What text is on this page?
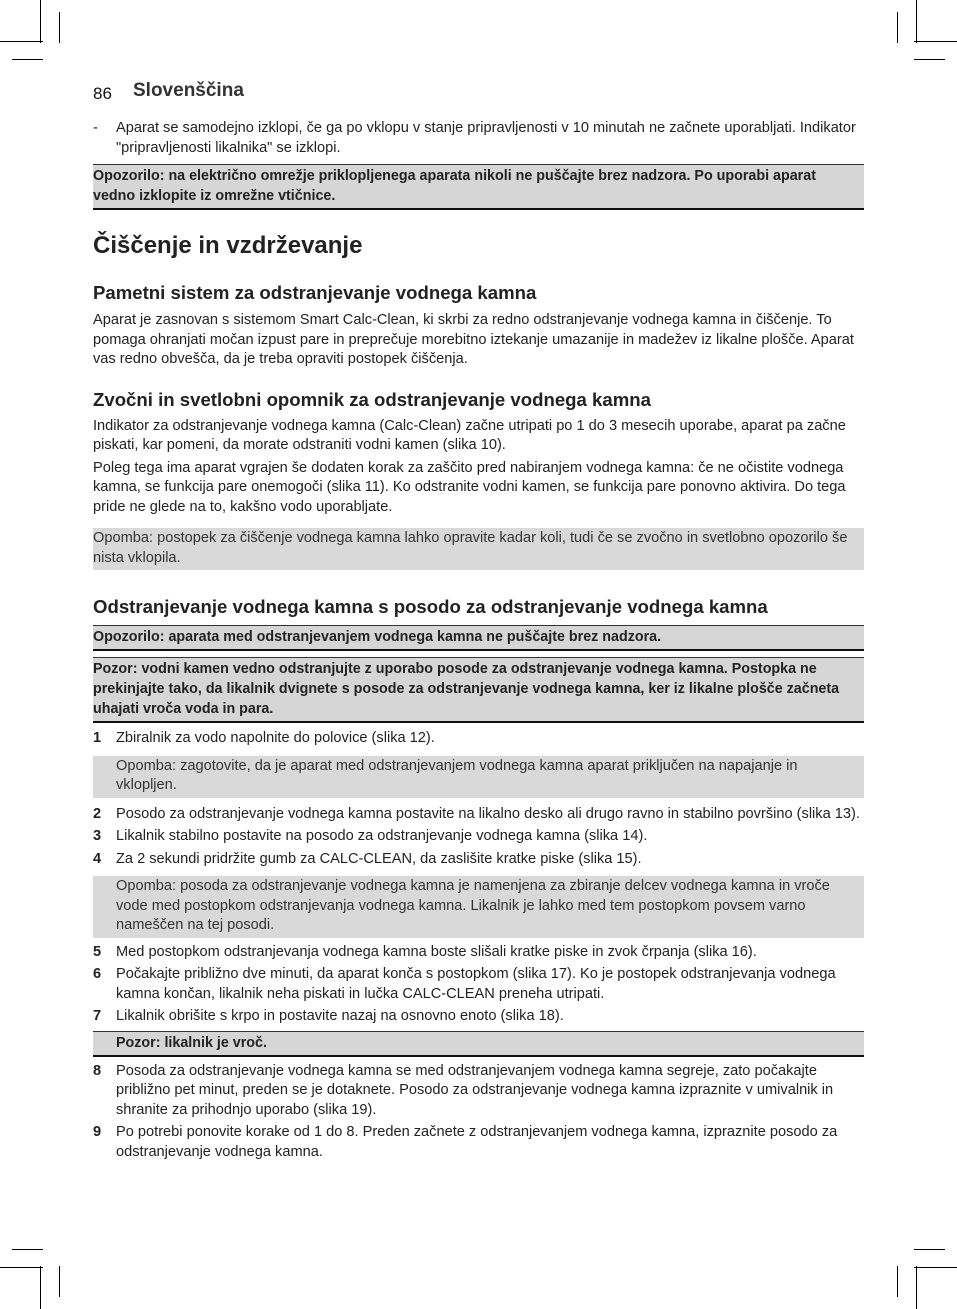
86 Slovenščina

- Aparat se samodejno izklopi, če ga po vklopu v stanje pripravljenosti v 10 minutah ne začnete uporabljati. Indikator "pripravljenosti likalnika" se izklopi.

Opozorilo: na električno omrežje priklopljenega aparata nikoli ne puščajte brez nadzora. Po uporabi aparat vedno izklopite iz omrežne vtičnice.
Čiščenje in vzdrževanje
Pametni sistem za odstranjevanje vodnega kamna

Aparat je zasnovan s sistemom Smart Calc-Clean, ki skrbi za redno odstranjevanje vodnega kamna in čiščenje. To pomaga ohranjati močan izpust pare in preprečuje morebitno iztekanje umazanije in madežev iz likalne plošče. Aparat vas redno obvešča, da je treba opraviti postopek čiščenja.

Zvočni in svetlobni opomnik za odstranjevanje vodnega kamna

Indikator za odstranjevanje vodnega kamna (Calc-Clean) začne utripati po 1 do 3 mesecih uporabe, aparat pa začne piskati, kar pomeni, da morate odstraniti vodni kamen (slika 10).

Poleg tega ima aparat vgrajen še dodaten korak za zaščito pred nabiranjem vodnega kamna: če ne očistite vodnega kamna, se funkcija pare onemogoči (slika 11). Ko odstranite vodni kamen, se funkcija pare ponovno aktivira. Do tega pride ne glede na to, kakšno vodo uporabljate.

Opomba: postopek za čiščenje vodnega kamna lahko opravite kadar koli, tudi če se zvočno in svetlobno opozorilo še nista vklopila.
Odstranjevanje vodnega kamna s posodo za odstranjevanje vodnega kamna
Opozorilo: aparata med odstranjevanjem vodnega kamna ne puščajte brez nadzora.
Pozor: vodni kamen vedno odstranjujte z uporabo posode za odstranjevanje vodnega kamna. Postopka ne prekinjajte tako, da likalnik dvignete s posode za odstranjevanje vodnega kamna, ker iz likalne plošče začneta uhajati vroča voda in para.

1 Zbiralnik za vodo napolnite do polovice (slika 12).

Opomba: zagotovite, da je aparat med odstranjevanjem vodnega kamna aparat priključen na napajanje in vklopljen.

2 Posodo za odstranjevanje vodnega kamna postavite na likalno desko ali drugo ravno in stabilno površino (slika 13).

3 Likalnik stabilno postavite na posodo za odstranjevanje vodnega kamna (slika 14).

4 Za 2 sekundi pridržite gumb za CALC-CLEAN, da zaslišite kratke piske (slika 15).

Opomba: posoda za odstranjevanje vodnega kamna je namenjena za zbiranje delcev vodnega kamna in vroče vode med postopkom odstranjevanja vodnega kamna. Likalnik je lahko med tem postopkom povsem varno nameščen na tej posodi.

5 Med postopkom odstranjevanja vodnega kamna boste slišali kratke piske in zvok črpanja (slika 16).

6 Počakajte približno dve minuti, da aparat konča s postopkom (slika 17). Ko je postopek odstranjevanja vodnega kamna končan, likalnik neha piskati in lučka CALC-CLEAN preneha utripati.

7 Likalnik obrišite s krpo in postavite nazaj na osnovno enoto (slika 18).

Pozor: likalnik je vroč.

8 Posoda za odstranjevanje vodnega kamna se med odstranjevanjem vodnega kamna segreje, zato počakajte približno pet minut, preden se je dotaknete. Posodo za odstranjevanje vodnega kamna izpraznite v umivalnik in shranite za prihodnjo uporabo (slika 19).

9 Po potrebi ponovite korake od 1 do 8. Preden začnete z odstranjevanjem vodnega kamna, izpraznite posodo za odstranjevanje vodnega kamna.
